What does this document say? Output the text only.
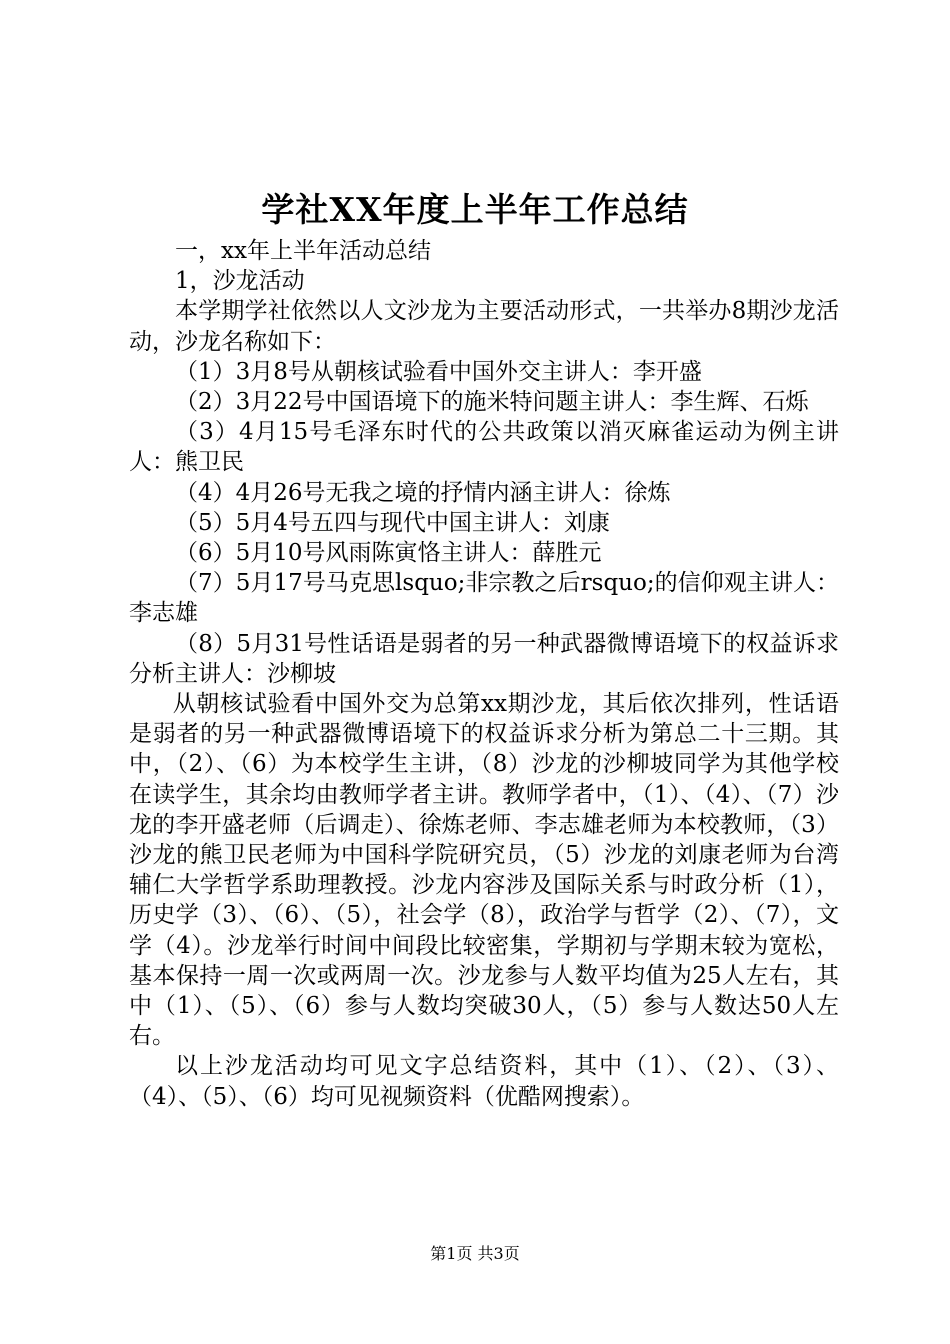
学社XX年度上半年工作总结

一，xx年上半年活动总结

1，沙龙活动

本学期学社依然以人文沙龙为主要活动形式，一共举办8期沙龙活动，沙龙名称如下：

（1）3月8号从朝核试验看中国外交主讲人：李开盛

（2）3月22号中国语境下的施米特问题主讲人：李生辉、石烁

（3）4月15号毛泽东时代的公共政策以消灭麻雀运动为例主讲人：熊卫民

（4）4月26号无我之境的抒情内涵主讲人：徐炼

（5）5月4号五四与现代中国主讲人：刘康

（6）5月10号风雨陈寅恪主讲人：薛胜元

（7）5月17号马克思lsquo;非宗教之后rsquo;的信仰观主讲人：李志雄

（8）5月31号性话语是弱者的另一种武器微博语境下的权益诉求分析主讲人：沙柳坡

从朝核试验看中国外交为总第xx期沙龙，其后依次排列，性话语是弱者的另一种武器微博语境下的权益诉求分析为第总二十三期。其中，（2）、（6）为本校学生主讲，（8）沙龙的沙柳坡同学为其他学校在读学生，其余均由教师学者主讲。教师学者中，（1）、（4）、（7）沙龙的李开盛老师（后调走）、徐炼老师、李志雄老师为本校教师，（3）沙龙的熊卫民老师为中国科学院研究员，（5）沙龙的刘康老师为台湾辅仁大学哲学系助理教授。沙龙内容涉及国际关系与时政分析（1），历史学（3）、（6）、（5），社会学（8），政治学与哲学（2）、（7），文学（4）。沙龙举行时间中间段比较密集，学期初与学期末较为宽松，基本保持一周一次或两周一次。沙龙参与人数平均值为25人左右，其中（1）、（5）、（6）参与人数均突破30人，（5）参与人数达50人左右。

以上沙龙活动均可见文字总结资料，其中（1）、（2）、（3）、（4）、（5）、（6）均可见视频资料（优酷网搜索）。

第1页 共3页
